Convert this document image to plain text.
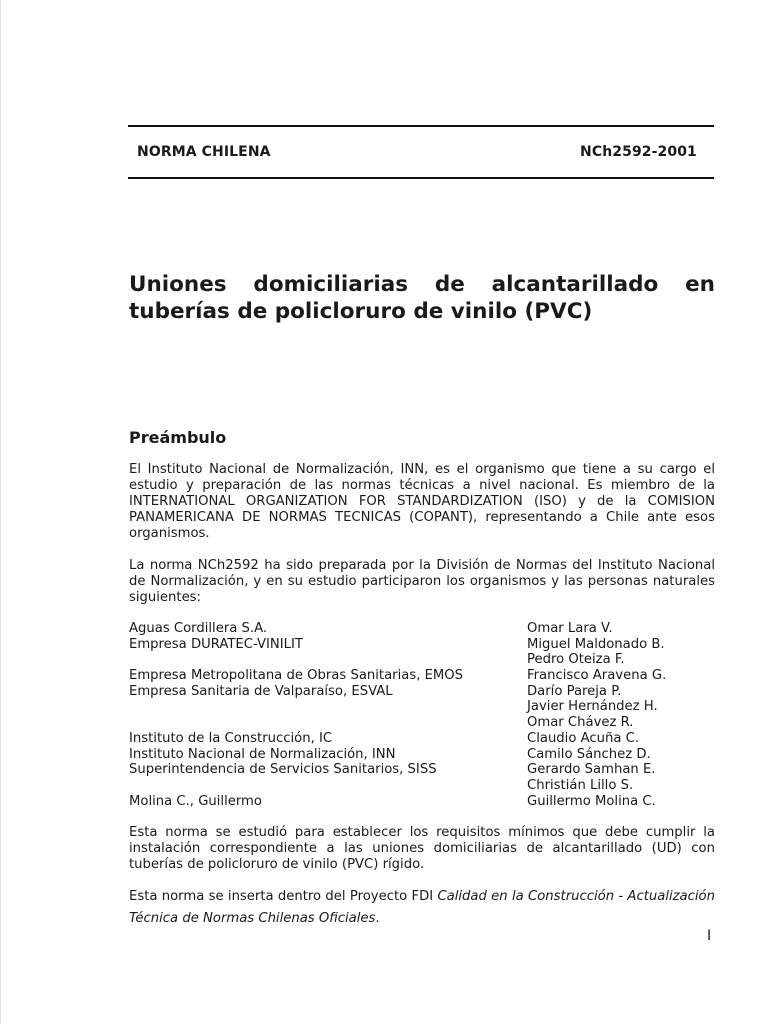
NORMA CHILENA	NCh2592-2001
Uniones domiciliarias de alcantarillado en tuberías de policloruro de vinilo (PVC)
Preámbulo
El Instituto Nacional de Normalización, INN, es el organismo que tiene a su cargo el estudio y preparación de las normas técnicas a nivel nacional. Es miembro de la INTERNATIONAL ORGANIZATION FOR STANDARDIZATION (ISO) y de la COMISION PANAMERICANA DE NORMAS TECNICAS (COPANT), representando a Chile ante esos organismos.
La norma NCh2592 ha sido preparada por la División de Normas del Instituto Nacional de Normalización, y en su estudio participaron los organismos y las personas naturales siguientes:
Aguas Cordillera S.A.
Empresa DURATEC-VINILIT
Empresa Metropolitana de Obras Sanitarias, EMOS
Empresa Sanitaria de Valparaíso, ESVAL
Instituto de la Construcción, IC
Instituto Nacional de Normalización, INN
Superintendencia de Servicios Sanitarios, SISS
Molina C., Guillermo
Omar Lara V.
Miguel Maldonado B.
Pedro Oteiza F.
Francisco Aravena G.
Darío Pareja P.
Javier Hernández H.
Omar Chávez R.
Claudio Acuña C.
Camilo Sánchez D.
Gerardo Samhan E.
Christián Lillo S.
Guillermo Molina C.
Esta norma se estudió para establecer los requisitos mínimos que debe cumplir la instalación correspondiente a las uniones domiciliarias de alcantarillado (UD) con tuberías de policloruro de vinilo (PVC) rígido.
Esta norma se inserta dentro del Proyecto FDI Calidad en la Construcción - Actualización Técnica de Normas Chilenas Oficiales.
I
